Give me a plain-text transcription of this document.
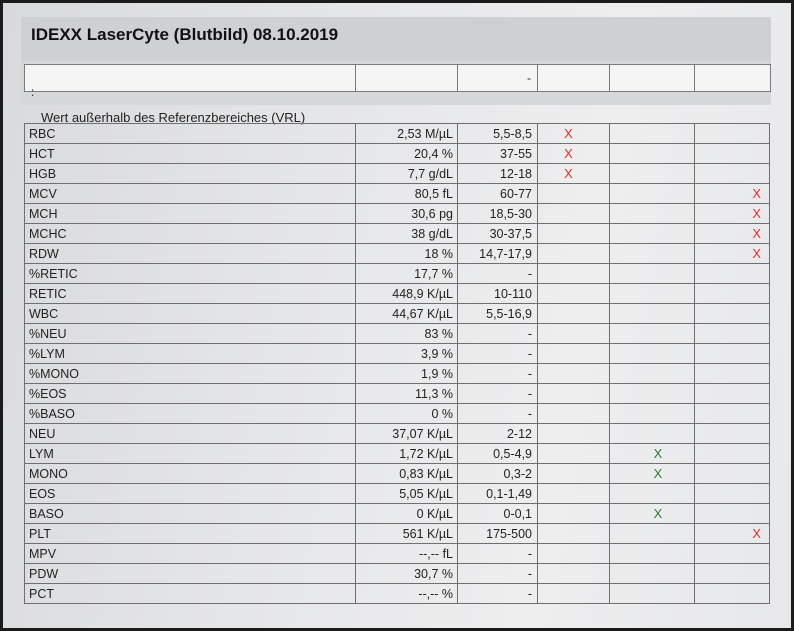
IDEXX LaserCyte (Blutbild) 08.10.2019
		-			
:
Wert außerhalb des Referenzbereiches (VRL)
RBC	2,53 M/µL	5,5-8,5	X			
HCT	20,4 %	37-55	X			
HGB	7,7 g/dL	12-18	X			
MCV	80,5 fL	60-77			X	
MCH	30,6 pg	18,5-30			X	
MCHC	38 g/dL	30-37,5			X	
RDW	18 %	14,7-17,9			X	
%RETIC	17,7 %	-				
RETIC	448,9 K/µL	10-110				
WBC	44,67 K/µL	5,5-16,9				
%NEU	83 %	-				
%LYM	3,9 %	-				
%MONO	1,9 %	-				
%EOS	11,3 %	-				
%BASO	0 %	-				
NEU	37,07 K/µL	2-12				
LYM	1,72 K/µL	0,5-4,9		X		
MONO	0,83 K/µL	0,3-2		X		
EOS	5,05 K/µL	0,1-1,49				
BASO	0 K/µL	0-0,1		X		
PLT	561 K/µL	175-500			X	
MPV	--,-- fL	-				
PDW	30,7 %	-				
PCT	--,-- %	-				
